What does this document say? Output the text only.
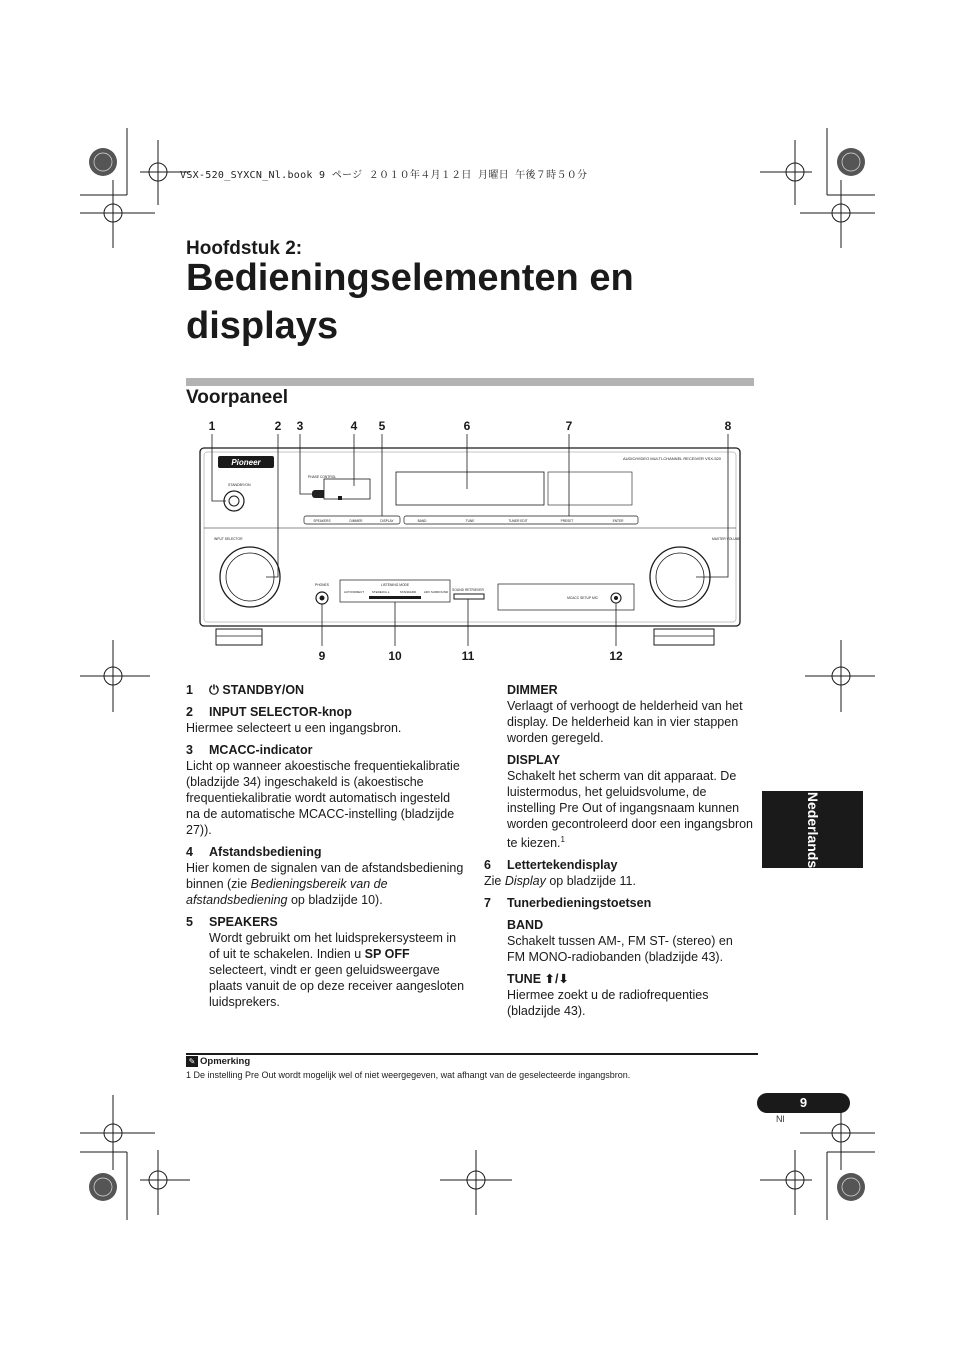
VSX-520_SYXCN_Nl.book 9 ページ ２０１０年４月１２日 月曜日 午後７時５０分
Hoofdstuk 2:
Bedieningselementen en displays
Voorpaneel
1	2 3	4 5	6	7	8
9	10	11	12
Pioneer	AUDIO/VIDEO MULTI-CHANNEL RECEIVER VSX-520
STANDBY/ON
PHASE CONTROL
SPEAKERS	DIMMER	DISPLAY	BAND	TUNE	TUNER EDIT	PRESET	ENTER
INPUT SELECTOR	MASTER VOLUME
PHONES	LISTENING MODE
AUTO/DIRECT	STEREO/A.L.	STANDARD	ADV SURROUND SOUND RETRIEVER
MCACC SETUP MIC

1 ⏻ STANDBY/ON

2 INPUT SELECTOR-knop

Hiermee selecteert u een ingangsbron.

3 MCACC-indicator

Licht op wanneer akoestische frequentiekalibratie (bladzijde 34) ingeschakeld is (akoestische frequentiekalibratie wordt automatisch ingesteld na de automatische MCACC-instelling (bladzijde 27)).

4 Afstandsbediening

Hier komen de signalen van de afstandsbediening binnen (zie Bedieningsbereik van de afstandsbediening op bladzijde 10).

5 SPEAKERS

Wordt gebruikt om het luidsprekersysteem in of uit te schakelen. Indien u SP OFF selecteert, vindt er geen geluidsweergave plaats vanuit de op deze receiver aangesloten luidsprekers.

DIMMER

Verlaagt of verhoogt de helderheid van het display. De helderheid kan in vier stappen worden geregeld.

DISPLAY

Schakelt het scherm van dit apparaat. De luistermodus, het geluidsvolume, de instelling Pre Out of ingangsnaam kunnen worden gecontroleerd door een ingangsbron te kiezen.$^1$

6 Lettertekendisplay

Zie Display op bladzijde 11.

7 Tunerbedieningstoetsen

BAND

Schakelt tussen AM-, FM ST- (stereo) en FM MONO-radiobanden (bladzijde 43).

TUNE ⬆/⬇

Hiermee zoekt u de radiofrequenties (bladzijde 43).

✎ Opmerking
1 De instelling Pre Out wordt mogelijk wel of niet weergegeven, wat afhangt van de geselecteerde ingangsbron.
Nederlands
9
Nl
